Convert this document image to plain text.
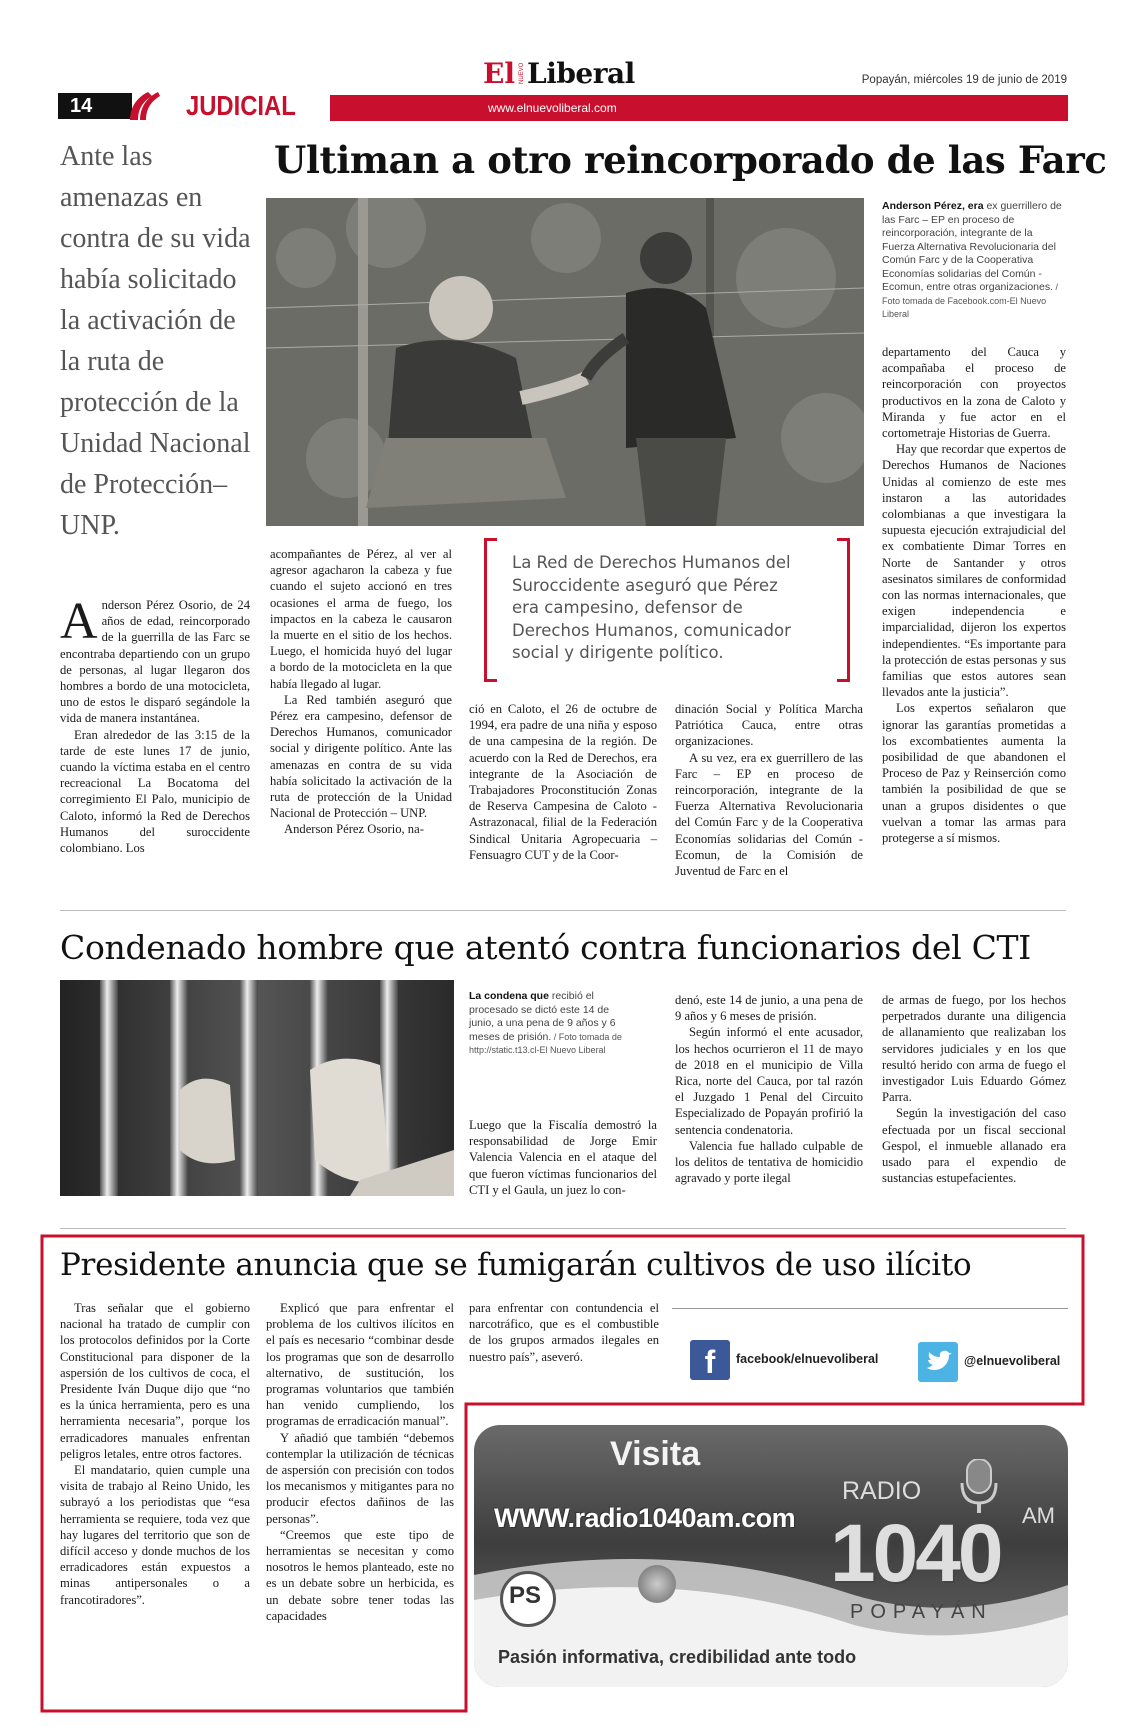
El NUEVO Liberal	Popayán, miércoles 19 de junio de 2019
14	JUDICIAL	www.elnuevoliberal.com
Ante las amenazas en contra de su vida había solicitado la activación de la ruta de protección de la Unidad Nacional de Protección– UNP.
Ultiman a otro reincorporado de las Farc
Anderson Pérez, era ex guerrillero de las Farc – EP en proceso de reincorporación, integrante de la Fuerza Alternativa Revolucionaria del Común Farc y de la Cooperativa Economías solidarias del Común - Ecomun, entre otras organizaciones. / Foto tomada de Facebook.com-El Nuevo Liberal
La Red de Derechos Humanos del Suroccidente aseguró que Pérez era campesino, defensor de Derechos Humanos, comunicador social y dirigente político.

Anderson Pérez Osorio, de 24 años de edad, reincorporado de la guerrilla de las Farc se encontraba departiendo con un grupo de personas, al lugar llegaron dos hombres a bordo de una motocicleta, uno de estos le disparó segándole la vida de manera instantánea.

Eran alrededor de las 3:15 de la tarde de este lunes 17 de junio, cuando la víctima estaba en el centro recreacional La Bocatoma del corregimiento El Palo, municipio de Caloto, informó la Red de Derechos Humanos del suroccidente colombiano. Los

acompañantes de Pérez, al ver al agresor agacharon la cabeza y fue cuando el sujeto accionó en tres ocasiones el arma de fuego, los impactos en la cabeza le causaron la muerte en el sitio de los hechos. Luego, el homicida huyó del lugar a bordo de la motocicleta en la que había llegado al lugar.

La Red también aseguró que Pérez era campesino, defensor de Derechos Humanos, comunicador social y dirigente político. Ante las amenazas en contra de su vida había solicitado la activación de la ruta de protección de la Unidad Nacional de Protección – UNP.

Anderson Pérez Osorio, na-

ció en Caloto, el 26 de octubre de 1994, era padre de una niña y esposo de una campesina de la región. De acuerdo con la Red de Derechos, era integrante de la Asociación de Trabajadores Proconstitución Zonas de Reserva Campesina de Caloto - Astrazonacal, filial de la Federación Sindical Unitaria Agropecuaria –Fensuagro CUT y de la Coor-

dinación Social y Política Marcha Patriótica Cauca, entre otras organizaciones.

A su vez, era ex guerrillero de las Farc – EP en proceso de reincorporación, integrante de la Fuerza Alternativa Revolucionaria del Común Farc y de la Cooperativa Economías solidarias del Común - Ecomun, de la Comisión de Juventud de Farc en el

departamento del Cauca y acompañaba el proceso de reincorporación con proyectos productivos en la zona de Caloto y Miranda y fue actor en el cortometraje Historias de Guerra.

Hay que recordar que expertos de Derechos Humanos de Naciones Unidas al comienzo de este mes instaron a las autoridades colombianas a que investigara la supuesta ejecución extrajudicial del ex combatiente Dimar Torres en Norte de Santander y otros asesinatos similares de conformidad con las normas internacionales, que exigen independencia e imparcialidad, dijeron los expertos independientes. “Es importante para la protección de estas personas y sus familias que estos autores sean llevados ante la justicia”.

Los expertos señalaron que ignorar las garantías prometidas a los excombatientes aumenta la posibilidad de que abandonen el Proceso de Paz y Reinserción como también la posibilidad de que se unan a grupos disidentes o que vuelvan a tomar las armas para protegerse a sí mismos.

Condenado hombre que atentó contra funcionarios del CTI
La condena que recibió el procesado se dictó este 14 de junio, a una pena de 9 años y 6 meses de prisión. / Foto tomada de http://static.t13.cl-El Nuevo Liberal

Luego que la Fiscalía demostró la responsabilidad de Jorge Emir Valencia Valencia en el ataque del que fueron víctimas funcionarios del CTI y el Gaula, un juez lo con-

denó, este 14 de junio, a una pena de 9 años y 6 meses de prisión.

Según informó el ente acusador, los hechos ocurrieron el 11 de mayo de 2018 en el municipio de Villa Rica, norte del Cauca, por tal razón el Juzgado 1 Penal del Circuito Especializado de Popayán profirió la sentencia condenatoria.

Valencia fue hallado culpable de los delitos de tentativa de homicidio agravado y porte ilegal

de armas de fuego, por los hechos perpetrados durante una diligencia de allanamiento que realizaban los servidores judiciales y en los que resultó herido con arma de fuego el investigador Luis Eduardo Gómez Parra.

Según la investigación del caso efectuada por un fiscal seccional Gespol, el inmueble allanado era usado para el expendio de sustancias estupefacientes.

Presidente anuncia que se fumigarán cultivos de uso ilícito

Tras señalar que el gobierno nacional ha tratado de cumplir con los protocolos definidos por la Corte Constitucional para disponer de la aspersión de los cultivos de coca, el Presidente Iván Duque dijo que “no es la única herramienta, pero es una herramienta necesaria”, porque los erradicadores manuales enfrentan peligros letales, entre otros factores.

El mandatario, quien cumple una visita de trabajo al Reino Unido, les subrayó a los periodistas que “esa herramienta se requiere, toda vez que hay lugares del territorio que son de difícil acceso y donde muchos de los erradicadores están expuestos a minas antipersonales o a francotiradores”.

Explicó que para enfrentar el problema de los cultivos ilícitos en el país es necesario “combinar desde los programas que son de desarrollo alternativo, de sustitución, los programas voluntarios que también han venido cumpliendo, los programas de erradicación manual”.

Y añadió que también “debemos contemplar la utilización de técnicas de aspersión con precisión con todos los mecanismos y mitigantes para no producir efectos dañinos de las personas”.

“Creemos que este tipo de herramientas se necesitan y como nosotros le hemos planteado, este no es un debate sobre un herbicida, es un debate sobre tener todas las capacidades

para enfrentar con contundencia el narcotráfico, que es el combustible de los grupos armados ilegales en nuestro país”, aseveró.	f	facebook/elnuevoliberal	@elnuevoliberal
Visita
WWW.radio1040am.com
RADIO
AM
1040
POPAYÁN
PS
Pasión informativa, credibilidad ante todo
